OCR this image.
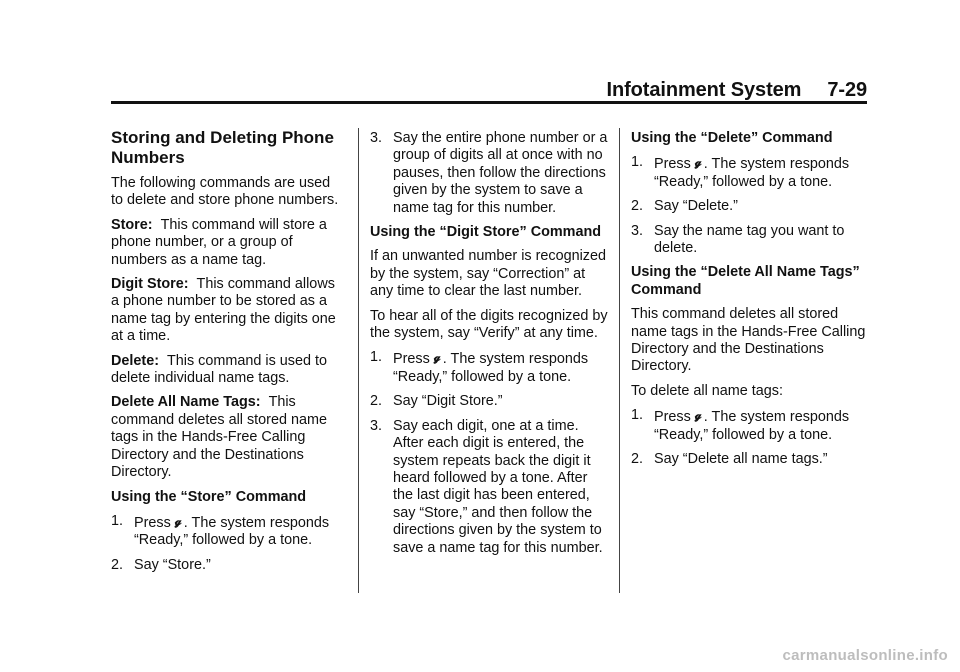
Infotainment System 7-29
Storing and Deleting Phone Numbers

The following commands are used to delete and store phone numbers.

Store: This command will store a phone number, or a group of numbers as a name tag.

Digit Store: This command allows a phone number to be stored as a name tag by entering the digits one at a time.

Delete: This command is used to delete individual name tags.

Delete All Name Tags: This command deletes all stored name tags in the Hands-Free Calling Directory and the Destinations Directory.

Using the “Store” Command
1. Press 𝓰 . The system responds “Ready,” followed by a tone.
2. Say “Store.”
3. Say the entire phone number or a group of digits all at once with no pauses, then follow the directions given by the system to save a name tag for this number.
Using the “Digit Store” Command

If an unwanted number is recognized by the system, say “Correction” at any time to clear the last number.

To hear all of the digits recognized by the system, say “Verify” at any time.

1. Press 𝓰 . The system responds “Ready,” followed by a tone.
2. Say “Digit Store.”
3. Say each digit, one at a time. After each digit is entered, the system repeats back the digit it heard followed by a tone. After the last digit has been entered, say “Store,” and then follow the directions given by the system to save a name tag for this number.
Using the “Delete” Command
1. Press 𝓰 . The system responds “Ready,” followed by a tone.
2. Say “Delete.”
3. Say the name tag you want to delete.
Using the “Delete All Name Tags” Command

This command deletes all stored name tags in the Hands-Free Calling Directory and the Destinations Directory.

To delete all name tags:

1. Press 𝓰 . The system responds “Ready,” followed by a tone.
2. Say “Delete all name tags.”
carmanualsonline.info
